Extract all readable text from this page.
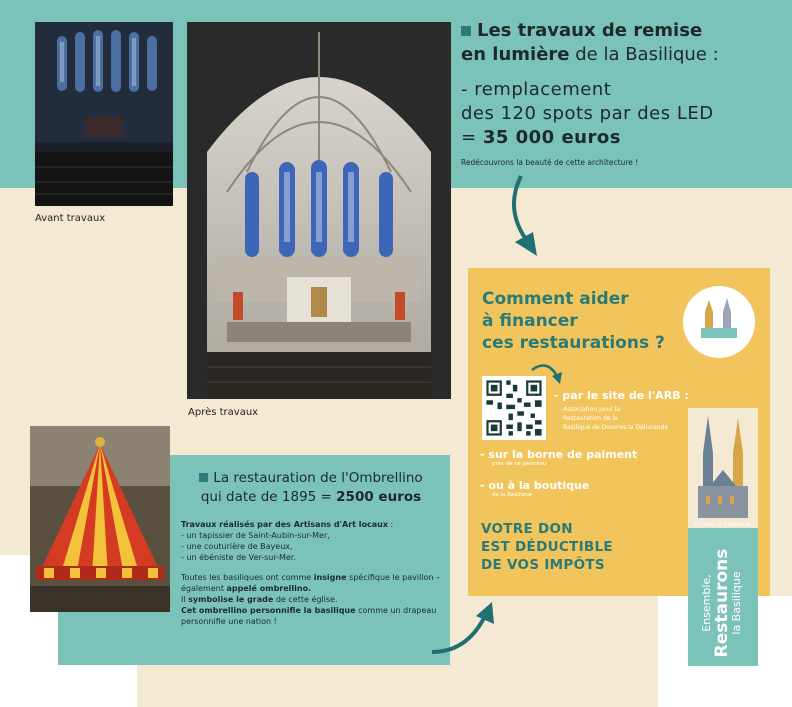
Avant travaux
Après travaux
Les travaux de remise
en lumière de la Basilique :
- remplacement
des 120 spots par des LED
= 35 000 euros
Redécouvrons la beauté de cette architecture !
Comment aider
à financer
ces restaurations ?
- par le site de l'ARB :
Association pour la
Restauration de la
Basilique de Douvres la Délivrande
- sur la borne de paiment
près de ce panneau
- ou à la boutique
de la Basilique
VOTRE DON
EST DÉDUCTIBLE
DE VOS IMPÔTS
Douvres-la-Délivrande
Ensemble, Restaurons
la Basilique
La restauration de l'Ombrellino
qui date de 1895 = 2500 euros

Travaux réalisés par des Artisans d'Art locaux :

- un tapissier de Saint-Aubin-sur-Mer,

- une couturière de Bayeux,

- un ébéniste de Ver-sur-Mer.

Toutes les basiliques ont comme insigne spécifique le pavillon – également appelé ombrellino.

Il symbolise le grade de cette église.

Cet ombrellino personnifie la basilique comme un drapeau personnifie une nation !
